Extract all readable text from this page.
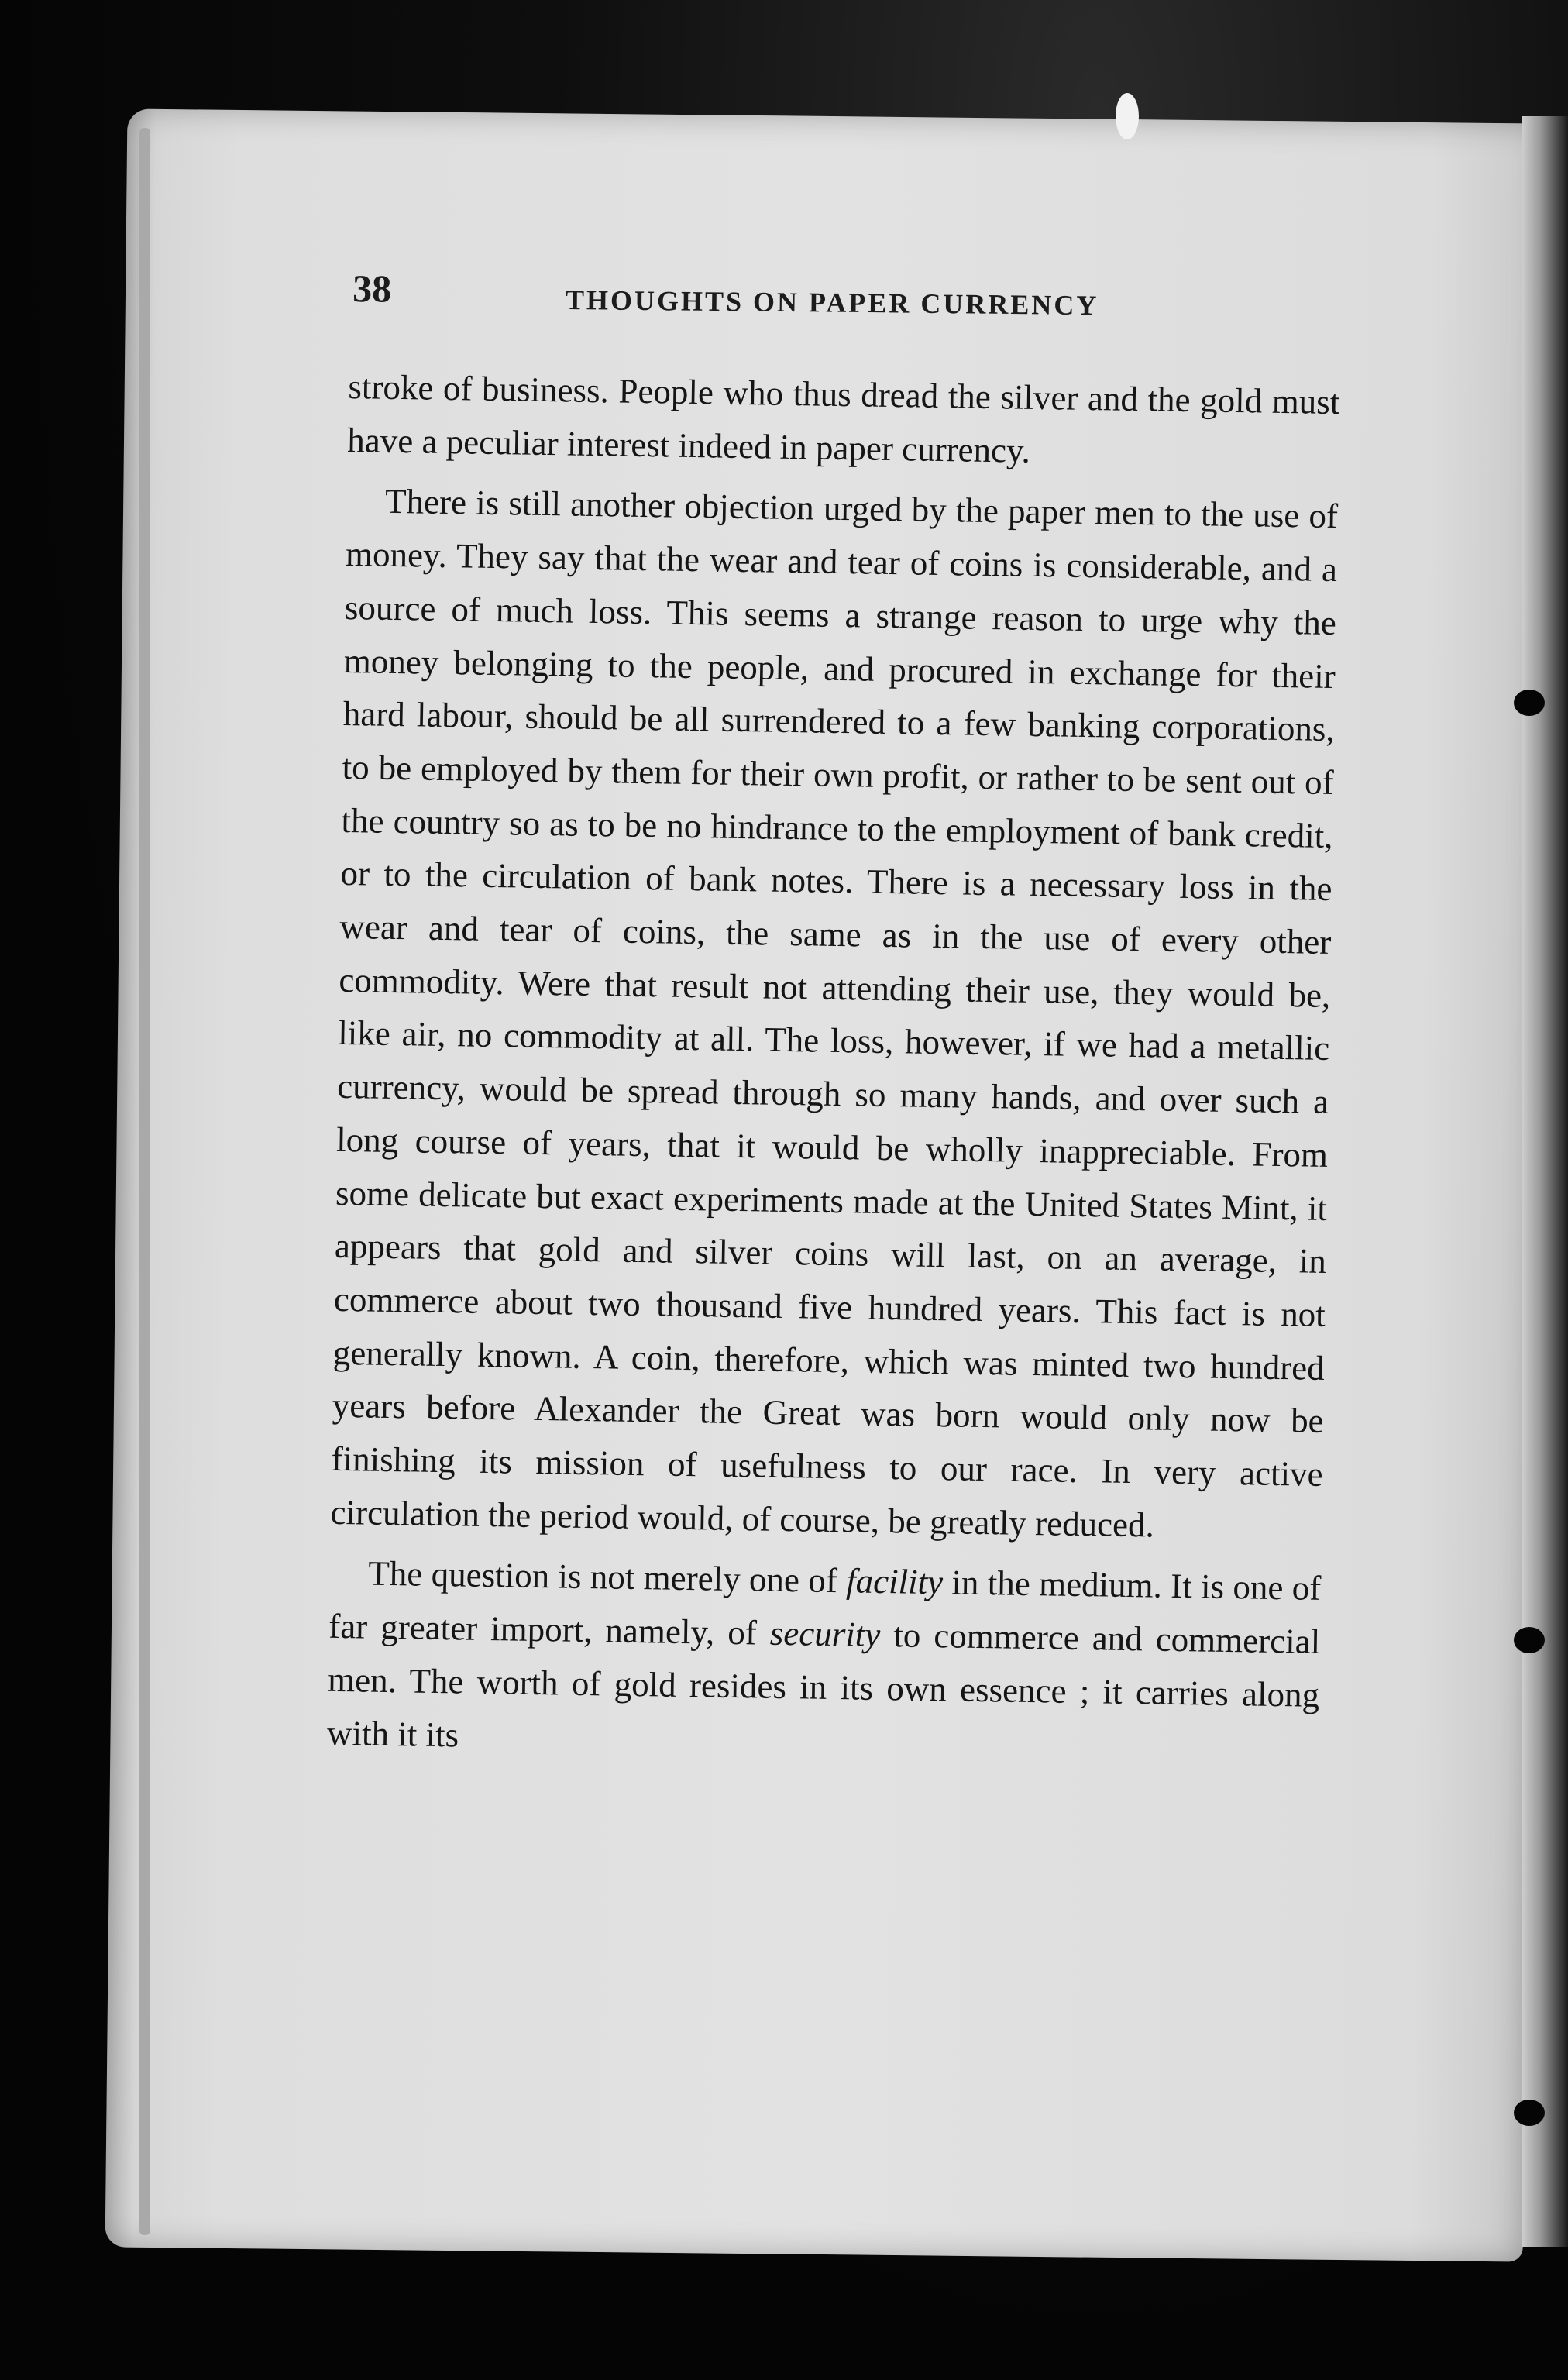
38	THOUGHTS ON PAPER CURRENCY

stroke of business. People who thus dread the silver and the gold must have a peculiar interest indeed in paper currency.

There is still another objection urged by the paper men to the use of money. They say that the wear and tear of coins is considerable, and a source of much loss. This seems a strange reason to urge why the money belonging to the people, and procured in exchange for their hard labour, should be all surrendered to a few banking corporations, to be employed by them for their own profit, or rather to be sent out of the country so as to be no hindrance to the employment of bank credit, or to the circulation of bank notes. There is a necessary loss in the wear and tear of coins, the same as in the use of every other commodity. Were that result not attending their use, they would be, like air, no commodity at all. The loss, however, if we had a metallic currency, would be spread through so many hands, and over such a long course of years, that it would be wholly inappreciable. From some delicate but exact experiments made at the United States Mint, it appears that gold and silver coins will last, on an average, in commerce about two thousand five hundred years. This fact is not generally known. A coin, therefore, which was minted two hundred years before Alexander the Great was born would only now be finishing its mission of usefulness to our race. In very active circulation the period would, of course, be greatly reduced.

The question is not merely one of facility in the medium. It is one of far greater import, namely, of security to commerce and commercial men. The worth of gold resides in its own essence ; it carries along with it its
